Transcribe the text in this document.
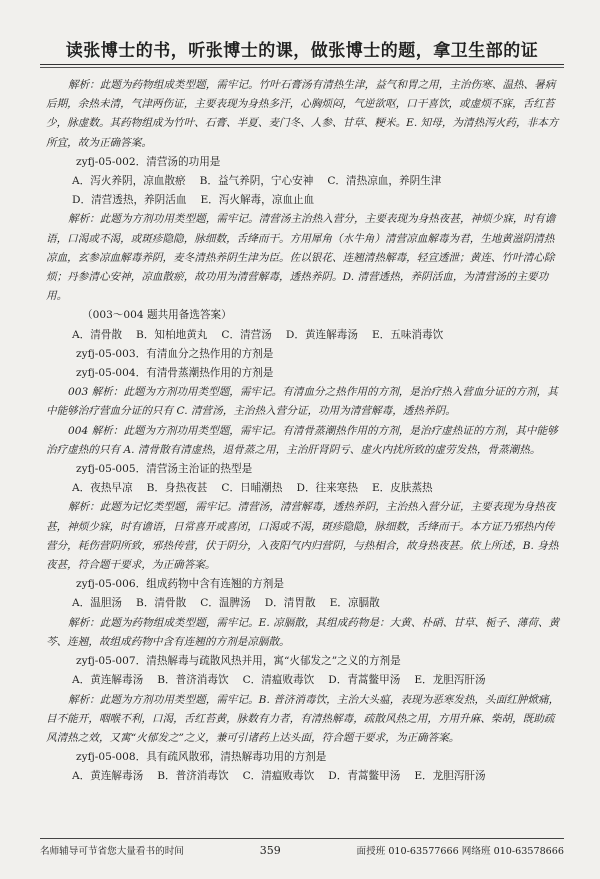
读张博士的书，听张博士的课，做张博士的题，拿卫生部的证
解析：此题为药物组成类型题，需牢记。竹叶石膏汤有清热生津，益气和胃之用，主治伤寒、温热、暑病后期，余热未清，气津两伤证，主要表现为身热多汗，心胸烦闷，气逆欲呕，口干喜饮，或虚烦不寐，舌红苔少，脉虚数。其药物组成为竹叶、石膏、半夏、麦门冬、人参、甘草、粳米。E. 知母，为清热泻火药，非本方所宜，故为正确答案。
zyfj-05-002．清营汤的功用是
A．泻火养阴，凉血散瘀 B．益气养阴，宁心安神 C．清热凉血，养阴生津
D．清营透热，养阴活血 E．泻火解毒，凉血止血
解析：此题为方剂功用类型题，需牢记。清营汤主治热入营分，主要表现为身热夜甚，神烦少寐，时有谵语，口渴或不渴，或斑疹隐隐，脉细数，舌绛而干。方用犀角（水牛角）清营凉血解毒为君，生地黄滋阴清热凉血，玄参凉血解毒养阴，麦冬清热养阴生津为臣。佐以银花、连翘清热解毒，轻宣透泄；黄连、竹叶清心除烦；丹参清心安神，凉血散瘀，故功用为清营解毒，透热养阴。D. 清营透热，养阴活血，为清营汤的主要功用。
（003～004 题共用备选答案）
A．清骨散 B．知柏地黄丸 C．清营汤 D．黄连解毒汤 E．五味消毒饮
zyfj-05-003．有清血分之热作用的方剂是
zyfj-05-004．有清骨蒸潮热作用的方剂是
003 解析：此题为方剂功用类型题，需牢记。有清血分之热作用的方剂，是治疗热入营血分证的方剂，其中能够治疗营血分证的只有 C. 清营汤，主治热入营分证，功用为清营解毒，透热养阴。
004 解析：此题为方剂功用类型题，需牢记。有清骨蒸潮热作用的方剂，是治疗虚热证的方剂，其中能够治疗虚热的只有 A. 清骨散有清虚热，退骨蒸之用，主治肝肾阴亏、虚火内扰所致的虚劳发热，骨蒸潮热。
zyfj-05-005．清营汤主治证的热型是
A．夜热早凉 B．身热夜甚 C．日晡潮热 D．往来寒热 E．皮肤蒸热
解析：此题为记忆类型题，需牢记。清营汤，清营解毒，透热养阴，主治热入营分证，主要表现为身热夜甚，神烦少寐，时有谵语，日常喜开或喜闭，口渴或不渴，斑疹隐隐，脉细数，舌绛而干。本方证乃邪热内传营分，耗伤营阴所致，邪热传营，伏于阴分，入夜阳气内归营阴，与热相合，故身热夜甚。依上所述，B. 身热夜甚，符合题干要求，为正确答案。
zyfj-05-006．组成药物中含有连翘的方剂是
A．温胆汤 B．清骨散 C．温脾汤 D．清胃散 E．凉膈散
解析：此题为药物组成类型题，需牢记。E. 凉膈散，其组成药物是：大黄、朴硝、甘草、栀子、薄荷、黄芩、连翘，故组成药物中含有连翘的方剂是凉膈散。
zyfj-05-007．清热解毒与疏散风热并用，寓“火郁发之”之义的方剂是
A．黄连解毒汤 B．普济消毒饮 C．清瘟败毒饮 D．青蒿鳖甲汤 E．龙胆泻肝汤
解析：此题为方剂功用类型题，需牢记。B. 普济消毒饮，主治大头瘟，表现为恶寒发热，头面红肿焮痛，目不能开，咽喉不利，口渴，舌红苔黄，脉数有力者，有清热解毒，疏散风热之用，方用升麻、柴胡，既助疏风清热之效，又寓“火郁发之”之义，兼可引诸药上达头面，符合题干要求，为正确答案。
zyfj-05-008．具有疏风散邪，清热解毒功用的方剂是
A．黄连解毒汤 B．普济消毒饮 C．清瘟败毒饮 D．青蒿鳖甲汤 E．龙胆泻肝汤
名师辅导可节省您大量看书的时间	359	面授班 010-63577666 网络班 010-63578666
